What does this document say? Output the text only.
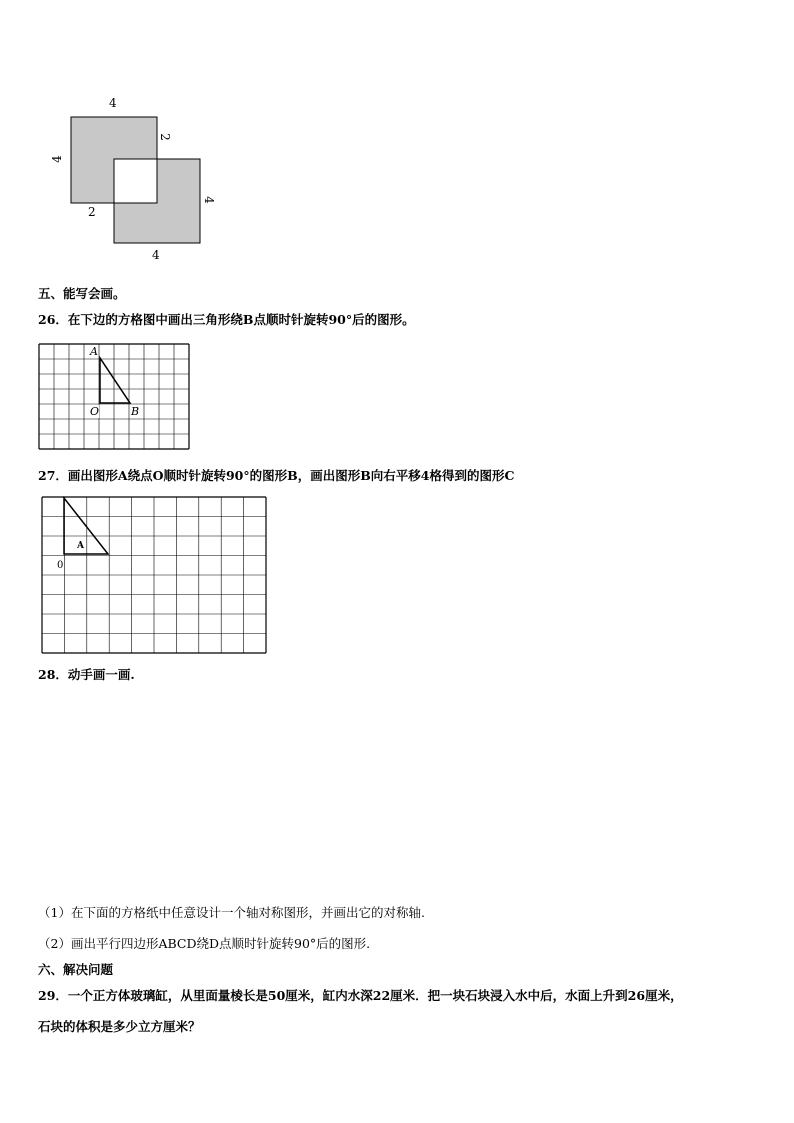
4
4
2
2
4
4
五、能写会画。
26．在下边的方格图中画出三角形绕B点顺时针旋转90°后的图形。
A
O	B
27．画出图形A绕点O顺时针旋转90°的图形B，画出图形B向右平移4格得到的图形C
A
0
28．动手画一画.
（1）在下面的方格纸中任意设计一个轴对称图形，并画出它的对称轴.
（2）画出平行四边形ABCD绕D点顺时针旋转90°后的图形.
六、解决问题
29．一个正方体玻璃缸，从里面量棱长是50厘米，缸内水深22厘米．把一块石块浸入水中后，水面上升到26厘米，
石块的体积是多少立方厘米？
